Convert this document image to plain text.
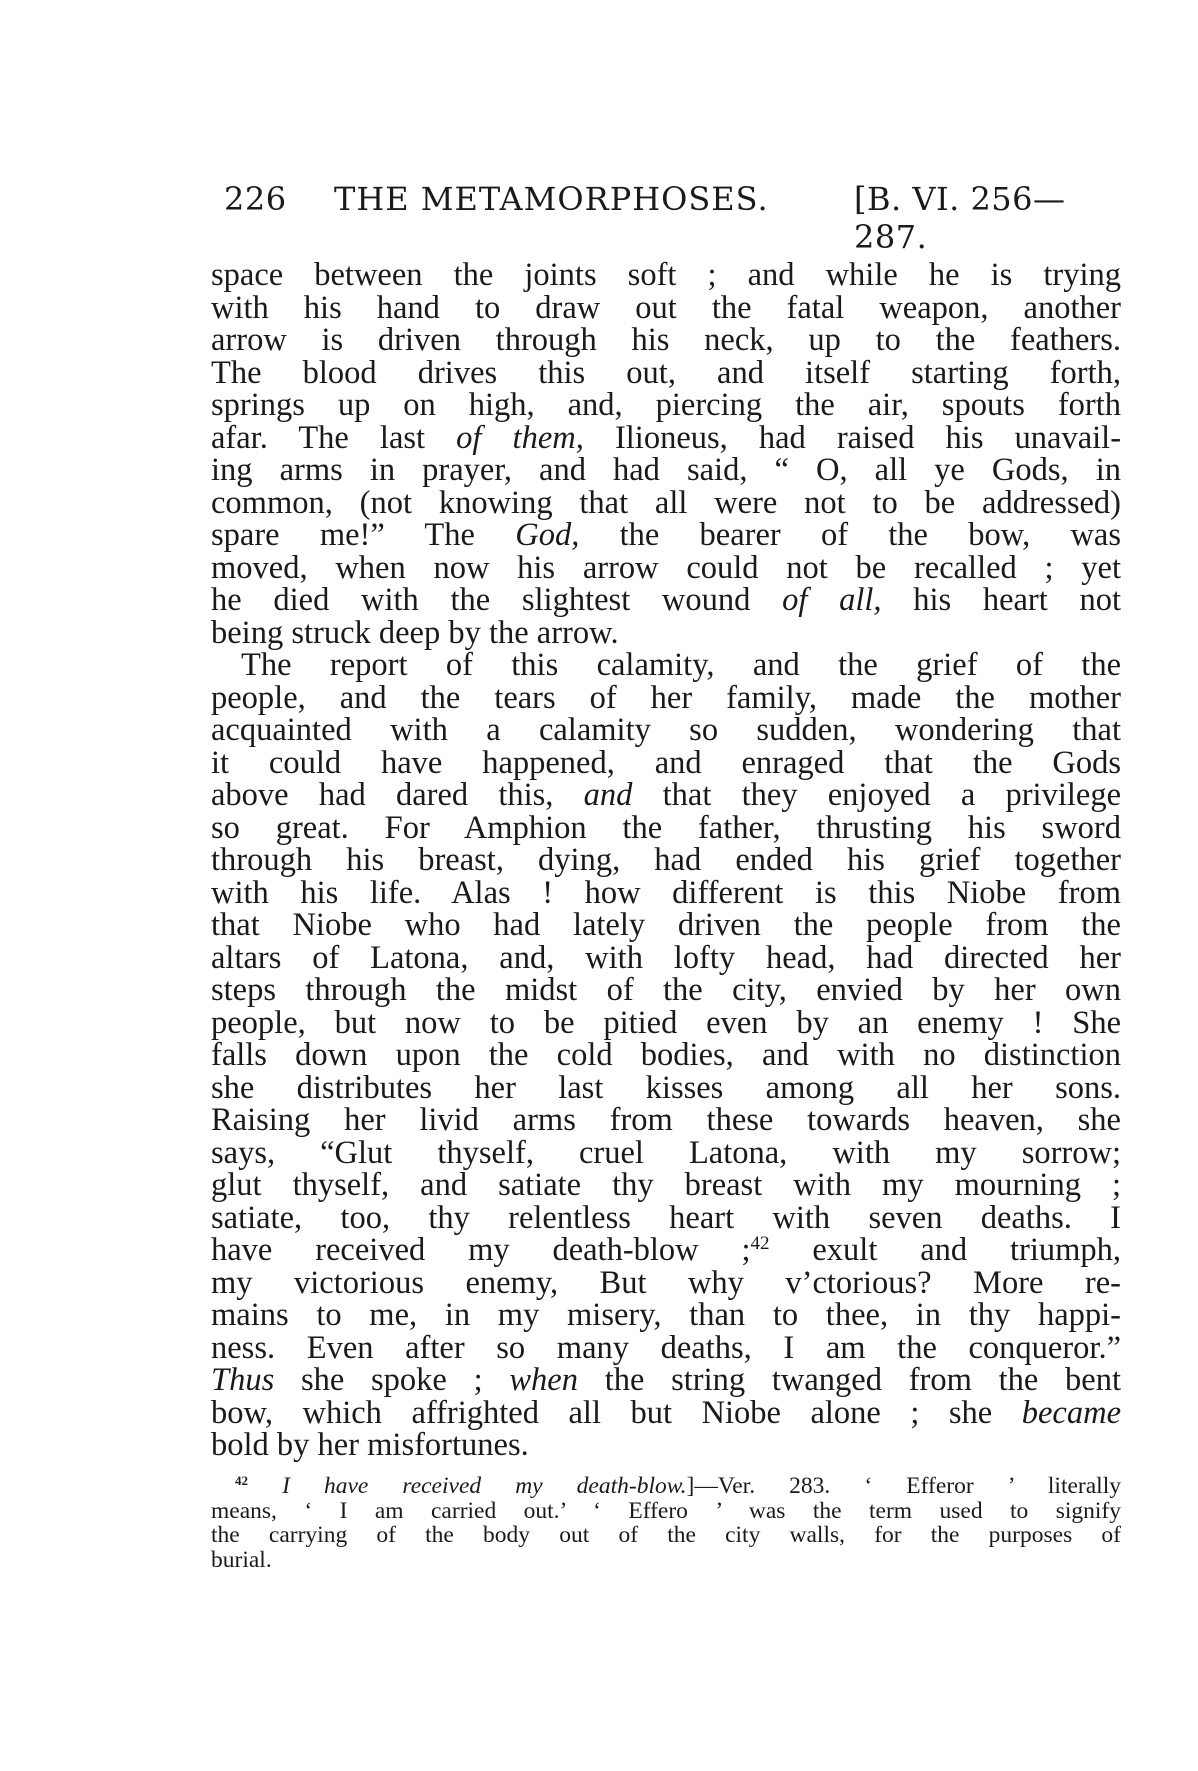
226 THE METAMORPHOSES.	[B. VI. 256—287.
space between the joints soft ; and while he is trying
with his hand to draw out the fatal weapon, another
arrow is driven through his neck, up to the feathers.
The blood drives this out, and itself starting forth,
springs up on high, and, piercing the air, spouts forth
afar. The last of them, Ilioneus, had raised his unavail-
ing arms in prayer, and had said, “ O, all ye Gods, in
common, (not knowing that all were not to be addressed)
spare me!” The God, the bearer of the bow, was
moved, when now his arrow could not be recalled ; yet
he died with the slightest wound of all, his heart not
being struck deep by the arrow.
The report of this calamity, and the grief of the
people, and the tears of her family, made the mother
acquainted with a calamity so sudden, wondering that
it could have happened, and enraged that the Gods
above had dared this, and that they enjoyed a privilege
so great. For Amphion the father, thrusting his sword
through his breast, dying, had ended his grief together
with his life. Alas ! how different is this Niobe from
that Niobe who had lately driven the people from the
altars of Latona, and, with lofty head, had directed her
steps through the midst of the city, envied by her own
people, but now to be pitied even by an enemy ! She
falls down upon the cold bodies, and with no distinction
she distributes her last kisses among all her sons.
Raising her livid arms from these towards heaven, she
says, “Glut thyself, cruel Latona, with my sorrow;
glut thyself, and satiate thy breast with my mourning ;
satiate, too, thy relentless heart with seven deaths. I
have received my death-blow ;$^{42}$ exult and triumph,
my victorious enemy, But why v’ctorious? More re-
mains to me, in my misery, than to thee, in thy happi-
ness. Even after so many deaths, I am the conqueror.”
Thus she spoke ; when the string twanged from the bent
bow, which affrighted all but Niobe alone ; she became
bold by her misfortunes.
$^{42}$ I have received my death-blow.]—Ver. 283. ‘ Efferor ’ literally
means, ‘ I am carried out.’ ‘ Effero ’ was the term used to signify
the carrying of the body out of the city walls, for the purposes of
burial.
